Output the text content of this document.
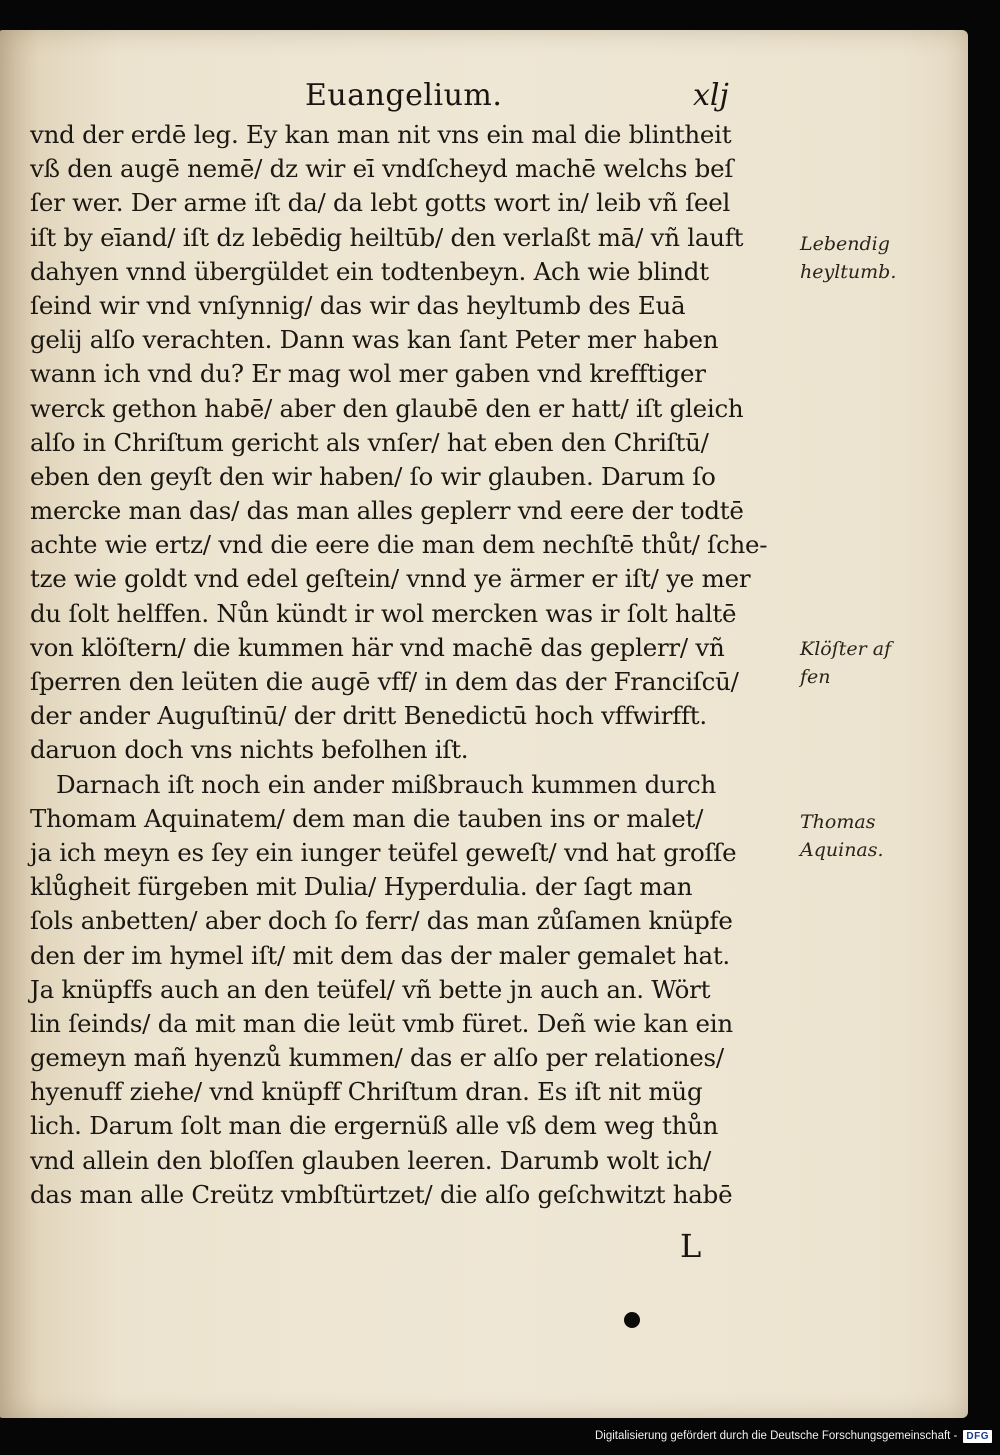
Euangelium.	xlj
vnd der erdē leg. Ey kan man nit vns ein mal die blintheit
vß den augē nemē/ dz wir eī vndſcheyd machē welchs beſ
ſer wer. Der arme iſt da/ da lebt gotts wort in/ leib vñ ſeel
iſt by eīand/ iſt dz lebēdig heiltūb/ den verlaßt mā/ vñ lauft
dahyen vnnd übergüldet ein todtenbeyn. Ach wie blindt
ſeind wir vnd vnſynnig/ das wir das heyltumb des Euā
gelij alſo verachten. Dann was kan ſant Peter mer haben
wann ich vnd du? Er mag wol mer gaben vnd krefftiger
werck gethon habē/ aber den glaubē den er hatt/ iſt gleich
alſo in Chriſtum gericht als vnſer/ hat eben den Chriſtū/
eben den geyſt den wir haben/ ſo wir glauben. Darum ſo
mercke man das/ das man alles geplerr vnd eere der todtē
achte wie ertz/ vnd die eere die man dem nechſtē thůt/ ſche-
tze wie goldt vnd edel geſtein/ vnnd ye ärmer er iſt/ ye mer
du ſolt helffen. Nůn kündt ir wol mercken was ir ſolt haltē
von klöſtern/ die kummen här vnd machē das geplerr/ vñ
ſperren den leüten die augē vff/ in dem das der Franciſcū/
der ander Auguſtinū/ der dritt Benedictū hoch vffwirfft.
daruon doch vns nichts befolhen iſt.
Darnach iſt noch ein ander mißbrauch kummen durch
Thomam Aquinatem/ dem man die tauben ins or malet/
ja ich meyn es ſey ein iunger teüfel geweſt/ vnd hat groſſe
klůgheit fürgeben mit Dulia/ Hyperdulia. der ſagt man
ſols anbetten/ aber doch ſo ferr/ das man zůſamen knüpfe
den der im hymel iſt/ mit dem das der maler gemalet hat.
Ja knüpffs auch an den teüfel/ vñ bette jn auch an. Wört
lin ſeinds/ da mit man die leüt vmb füret. Deñ wie kan ein
gemeyn mañ hyenzů kummen/ das er alſo per relationes/
hyenuff ziehe/ vnd knüpff Chriſtum dran. Es iſt nit müg
lich. Darum ſolt man die ergernüß alle vß dem weg thůn
vnd allein den bloſſen glauben leeren. Darumb wolt ich/
das man alle Creütz vmbſtürtzet/ die alſo geſchwitzt habē
Lebendig
heyltumb.
Klöſter af
fen
Thomas
Aquinas.
L
Digitalisierung gefördert durch die Deutsche Forschungsgemeinschaft - DFG
